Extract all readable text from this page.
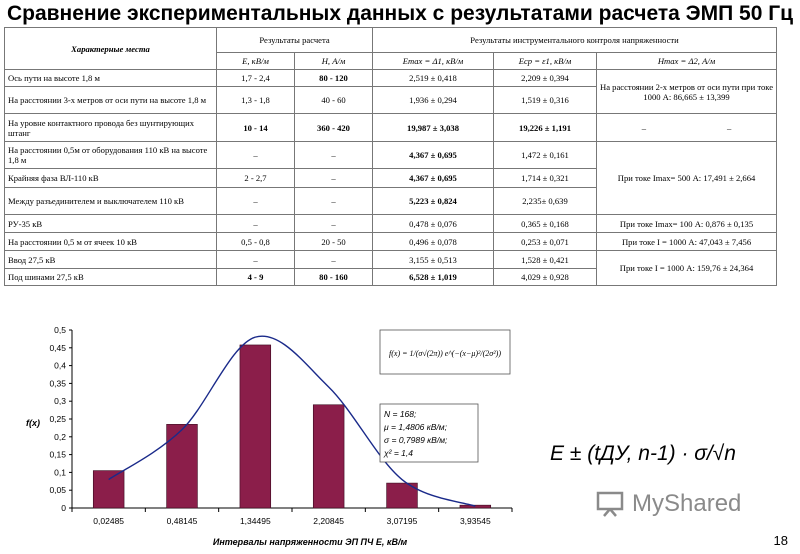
Сравнение экспериментальных данных с результатами расчета ЭМП 50 Гц
Характерные места	Результаты расчета		Результаты инструментального контроля напряженности		
	E, кВ/м	H, А/м	Emax = Δ1, кВ/м	Eср = ε1, кВ/м	Hmax = Δ2, А/м
Ось пути на высоте 1,8 м	1,7 - 2,4	80 - 120	2,519 ± 0,418	2,209 ± 0,394	На расстоянии 2-х метров от оси пути при токе 1000 А: 86,665 ± 13,399
На расстоянии 3-х метров от оси пути на высоте 1,8 м	1,3 - 1,8	40 - 60	1,936 ± 0,294	1,519 ± 0,316	
На уровне контактного провода без шунтирующих штанг	10 - 14	360 - 420	19,987 ± 3,038	19,226 ± 1,191	– –
На расстоянии 0,5м от оборудования 110 кВ на высоте 1,8 м	–	–	4,367 ± 0,695	1,472 ± 0,161	При токе Imax= 500 А: 17,491 ± 2,664
Крайняя фаза ВЛ-110 кВ	2 - 2,7	–	4,367 ± 0,695	1,714 ± 0,321	
Между разъединителем и выключателем 110 кВ	–	–	5,223 ± 0,824	2,235± 0,639	
РУ-35 кВ	–	–	0,478 ± 0,076	0,365 ± 0,168	При токе Imax= 100 А: 0,876 ± 0,135
На расстоянии 0,5 м от ячеек 10 кВ	0,5 - 0,8	20 - 50	0,496 ± 0,078	0,253 ± 0,071	При токе I = 1000 А: 47,043 ± 7,456
Ввод 27,5 кВ	–	–	3,155 ± 0,513	1,528 ± 0,421	При токе I = 1000 А: 159,76 ± 24,364
Под шинами 27,5 кВ	4 - 9	80 - 160	6,528 ± 1,019	4,029 ± 0,928	
0
0,05
0,1
0,15
0,2
0,25
0,3
0,35
0,4
0,45
0,5
0,02485	0,48145	1,34495	2,20845	3,07195	3,93545
f(x)
Интервалы напряженности ЭП ПЧ Е, кВ/м
f(x) = 1/(σ√(2π)) e^(−(x−μ)²/(2σ²))
N = 168;
μ = 1,4806 кВ/м;
σ = 0,7989 кВ/м;
χ² = 1,4	E ± (tДУ, n-1) · σ/√n
MyShared
18
